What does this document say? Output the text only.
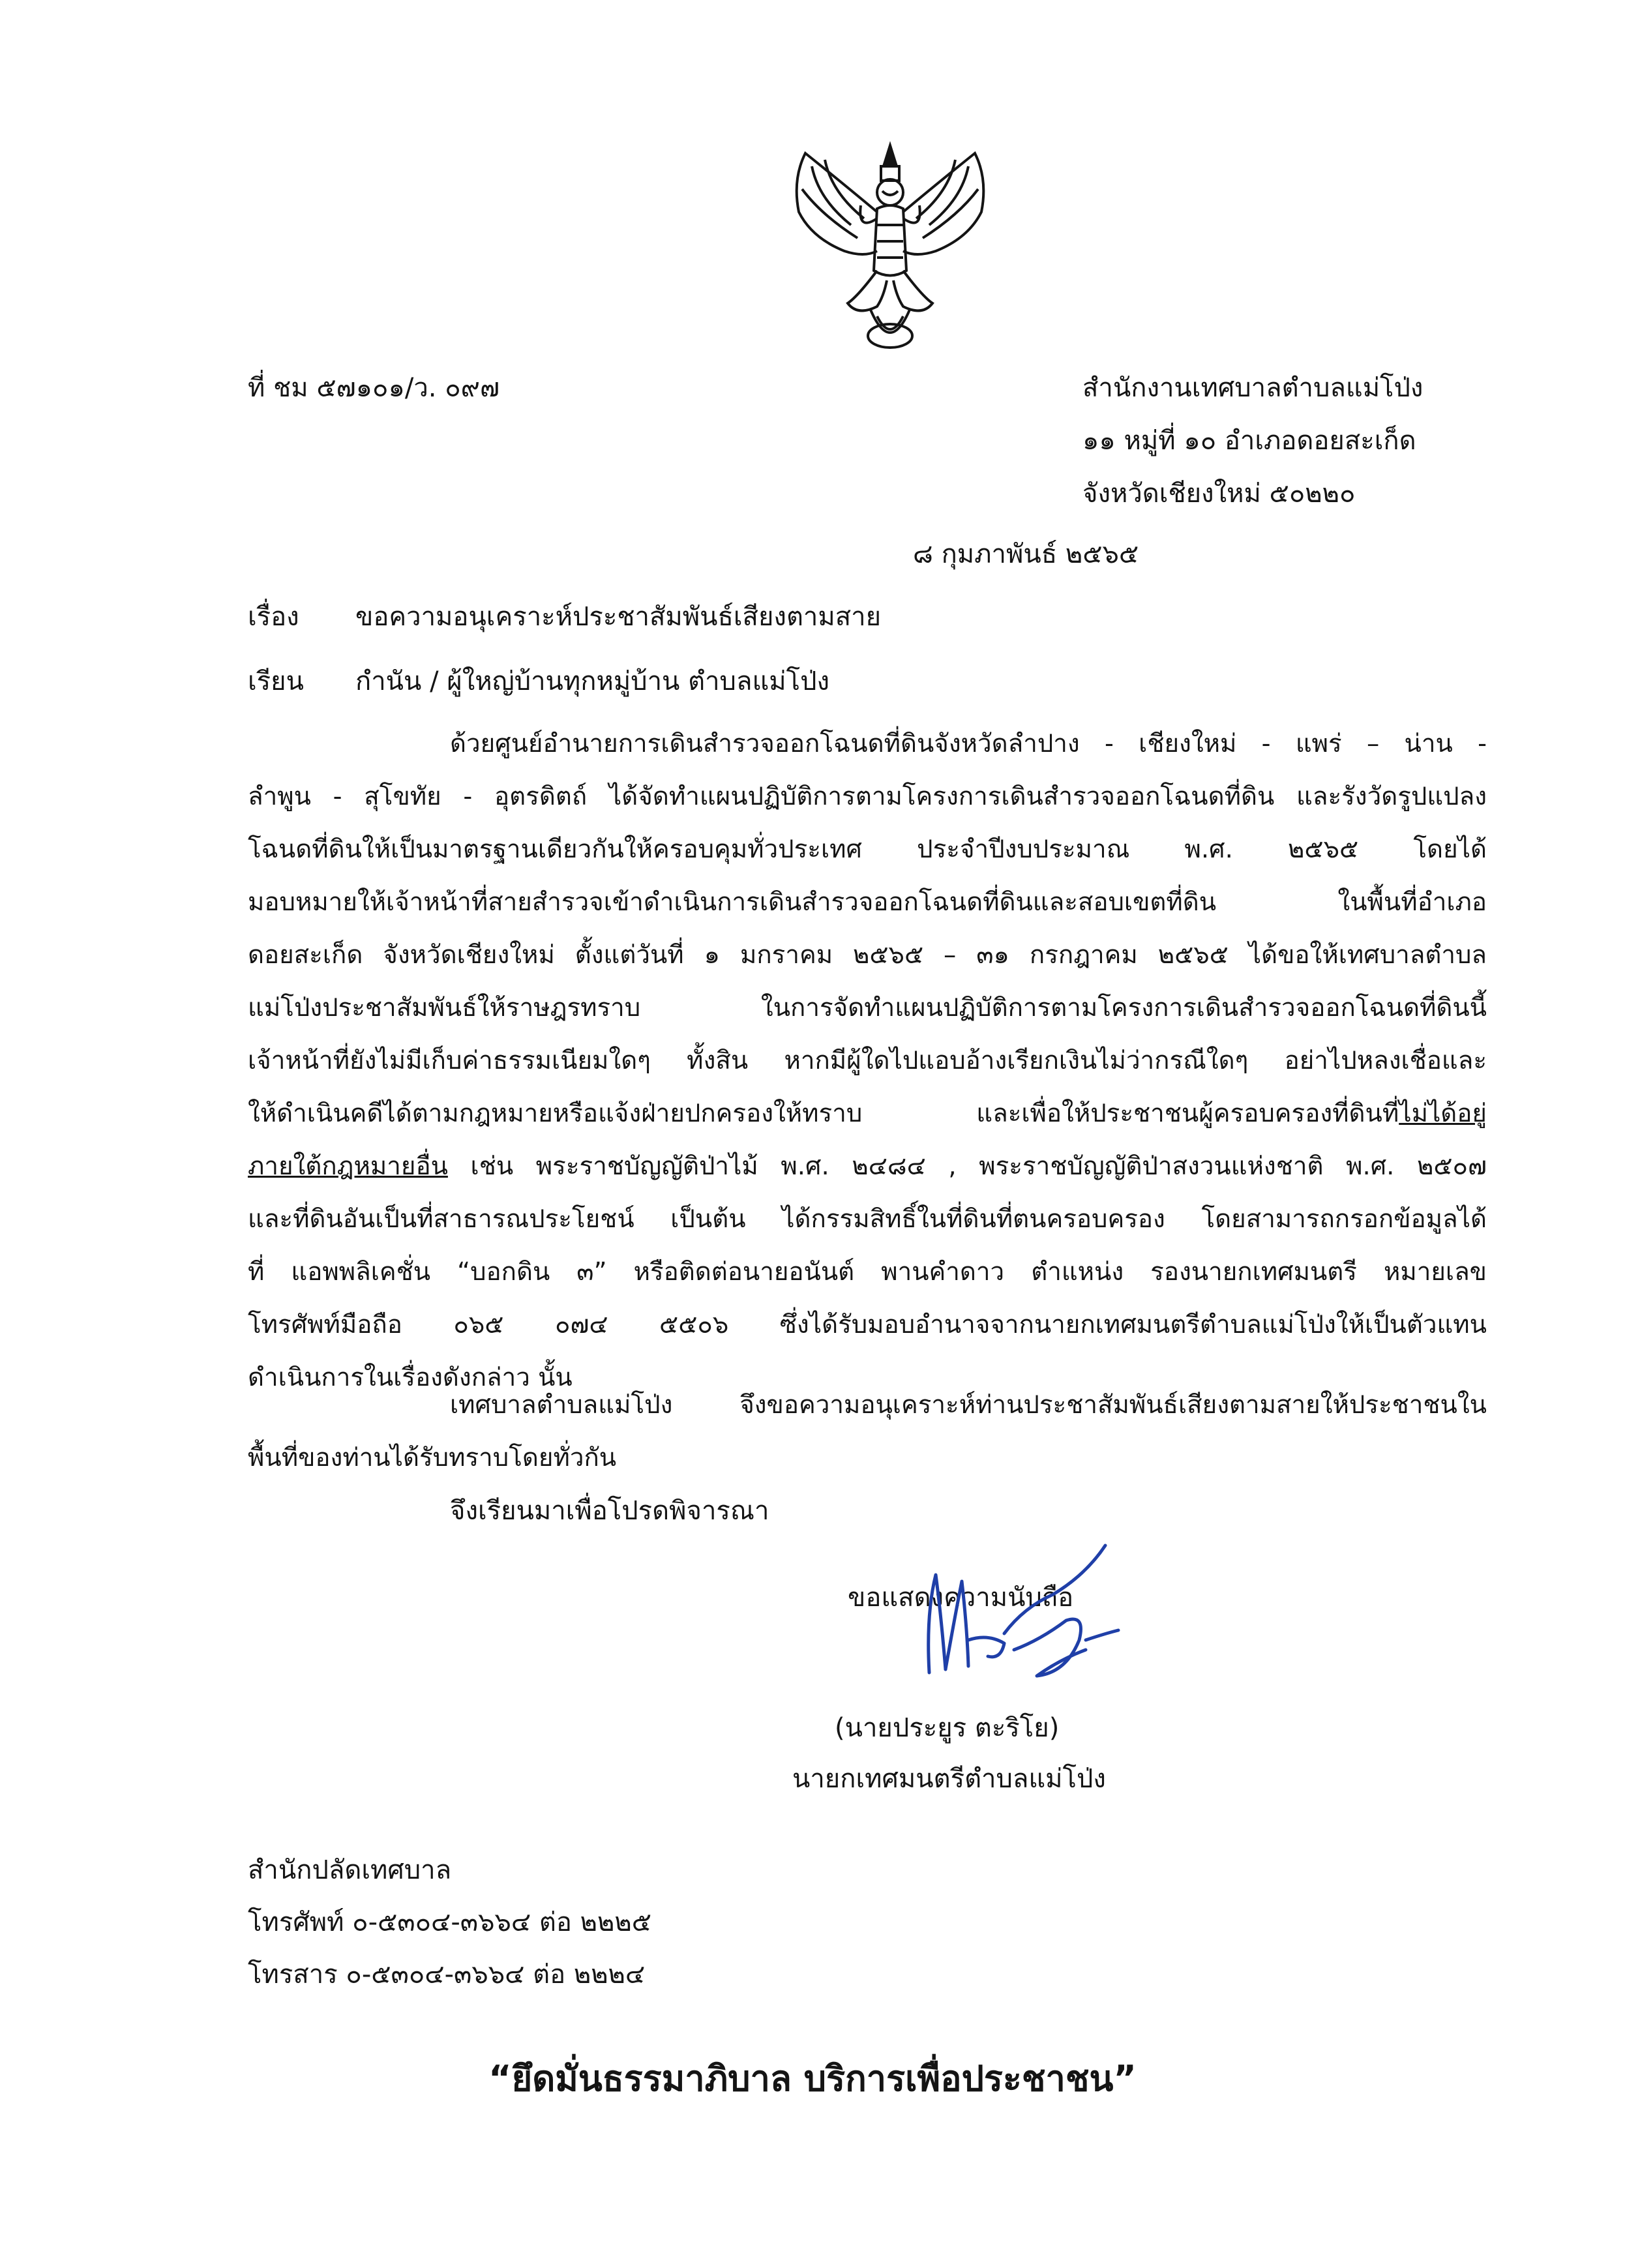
ที่ ชม ๕๗๑๐๑/ว. ๐๙๗	สำนักงานเทศบาลตำบลแม่โป่ง
๑๑ หมู่ที่ ๑๐ อำเภอดอยสะเก็ด
จังหวัดเชียงใหม่ ๕๐๒๒๐
๘ กุมภาพันธ์ ๒๕๖๕
เรื่อง ขอความอนุเคราะห์ประชาสัมพันธ์เสียงตามสาย
เรียน กำนัน / ผู้ใหญ่บ้านทุกหมู่บ้าน ตำบลแม่โป่ง
ด้วยศูนย์อำนายการเดินสำรวจออกโฉนดที่ดินจังหวัดลำปาง - เชียงใหม่ - แพร่ – น่าน -
ลำพูน - สุโขทัย - อุตรดิตถ์ ได้จัดทำแผนปฏิบัติการตามโครงการเดินสำรวจออกโฉนดที่ดิน และรังวัดรูปแปลง
โฉนดที่ดินให้เป็นมาตรฐานเดียวกันให้ครอบคุมทั่วประเทศ ประจำปีงบประมาณ พ.ศ. ๒๕๖๕ โดยได้
มอบหมายให้เจ้าหน้าที่สายสำรวจเข้าดำเนินการเดินสำรวจออกโฉนดที่ดินและสอบเขตที่ดิน ในพื้นที่อำเภอ
ดอยสะเก็ด จังหวัดเชียงใหม่ ตั้งแต่วันที่ ๑ มกราคม ๒๕๖๕ – ๓๑ กรกฎาคม ๒๕๖๕ ได้ขอให้เทศบาลตำบล
แม่โป่งประชาสัมพันธ์ให้ราษฎรทราบ ในการจัดทำแผนปฏิบัติการตามโครงการเดินสำรวจออกโฉนดที่ดินนี้
เจ้าหน้าที่ยังไม่มีเก็บค่าธรรมเนียมใดๆ ทั้งสิน หากมีผู้ใดไปแอบอ้างเรียกเงินไม่ว่ากรณีใดๆ อย่าไปหลงเชื่อและ
ให้ดำเนินคดีได้ตามกฎหมายหรือแจ้งฝ่ายปกครองให้ทราบ และเพื่อให้ประชาชนผู้ครอบครองที่ดินที่ไม่ได้อยู่
ภายใต้กฎหมายอื่น เช่น พระราชบัญญัติป่าไม้ พ.ศ. ๒๔๘๔ , พระราชบัญญัติป่าสงวนแห่งชาติ พ.ศ. ๒๕๐๗
และที่ดินอันเป็นที่สาธารณประโยชน์ เป็นต้น ได้กรรมสิทธิ์ในที่ดินที่ตนครอบครอง โดยสามารถกรอกข้อมูลได้
ที่ แอพพลิเคชั่น “บอกดิน ๓” หรือติดต่อนายอนันต์ พานคำดาว ตำแหน่ง รองนายกเทศมนตรี หมายเลข
โทรศัพท์มือถือ ๐๖๕ ๐๗๔ ๕๕๐๖ ซึ่งได้รับมอบอำนาจจากนายกเทศมนตรีตำบลแม่โป่งให้เป็นตัวแทน
ดำเนินการในเรื่องดังกล่าว นั้น
เทศบาลตำบลแม่โป่ง จึงขอความอนุเคราะห์ท่านประชาสัมพันธ์เสียงตามสายให้ประชาชนใน
พื้นที่ของท่านได้รับทราบโดยทั่วกัน
จึงเรียนมาเพื่อโปรดพิจารณา
ขอแสดงความนับถือ
(นายประยูร ตะริโย)
นายกเทศมนตรีตำบลแม่โป่ง
สำนักปลัดเทศบาล
โทรศัพท์ ๐-๕๓๐๔-๓๖๖๔ ต่อ ๒๒๒๕
โทรสาร ๐-๕๓๐๔-๓๖๖๔ ต่อ ๒๒๒๔
“ยึดมั่นธรรมาภิบาล บริการเพื่อประชาชน”
